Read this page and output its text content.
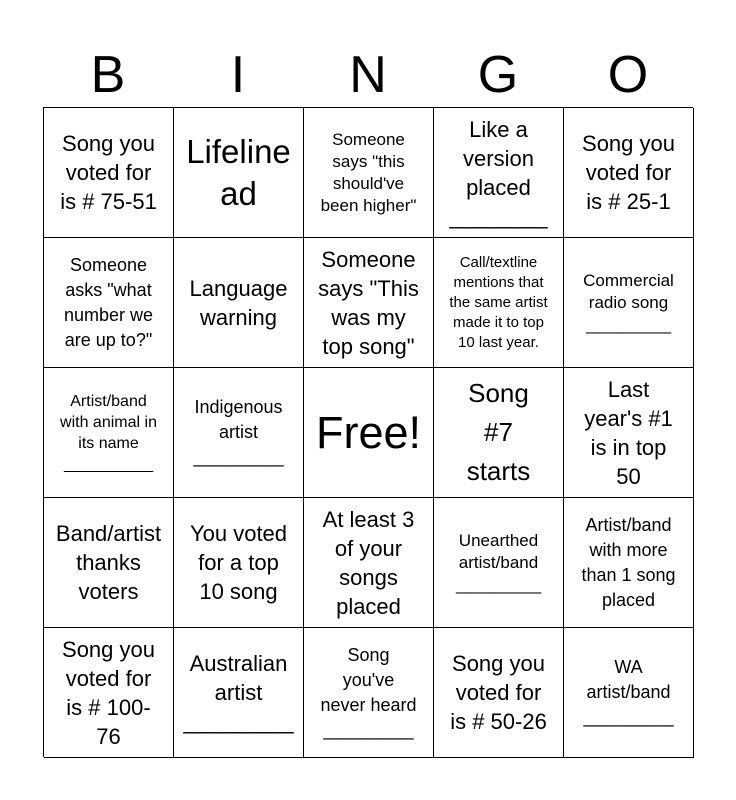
B	I	N	G	O
Song you
voted for
is # 75-51
Lifeline
ad
Someone
says "this
should've
been higher"
Like a
version
placed
________
Song you
voted for
is # 25-1
Someone
asks "what
number we
are up to?"
Language
warning
Someone
says "This
was my
top song"
Call/textline
mentions that
the same artist
made it to top
10 last year.
Commercial
radio song
_________
Artist/band
with animal in
its name
__________
Indigenous
artist
_________ Free!
Song
#7
starts
Last
year's #1
is in top
50
Band/artist
thanks
voters
You voted
for a top
10 song
At least 3
of your
songs
placed
Unearthed
artist/band
_________
Artist/band
with more
than 1 song
placed
Song you
voted for
is # 100-
76
Australian
artist
_________
Song
you've
never heard
_________
Song you
voted for
is # 50-26
WA
artist/band
_________
